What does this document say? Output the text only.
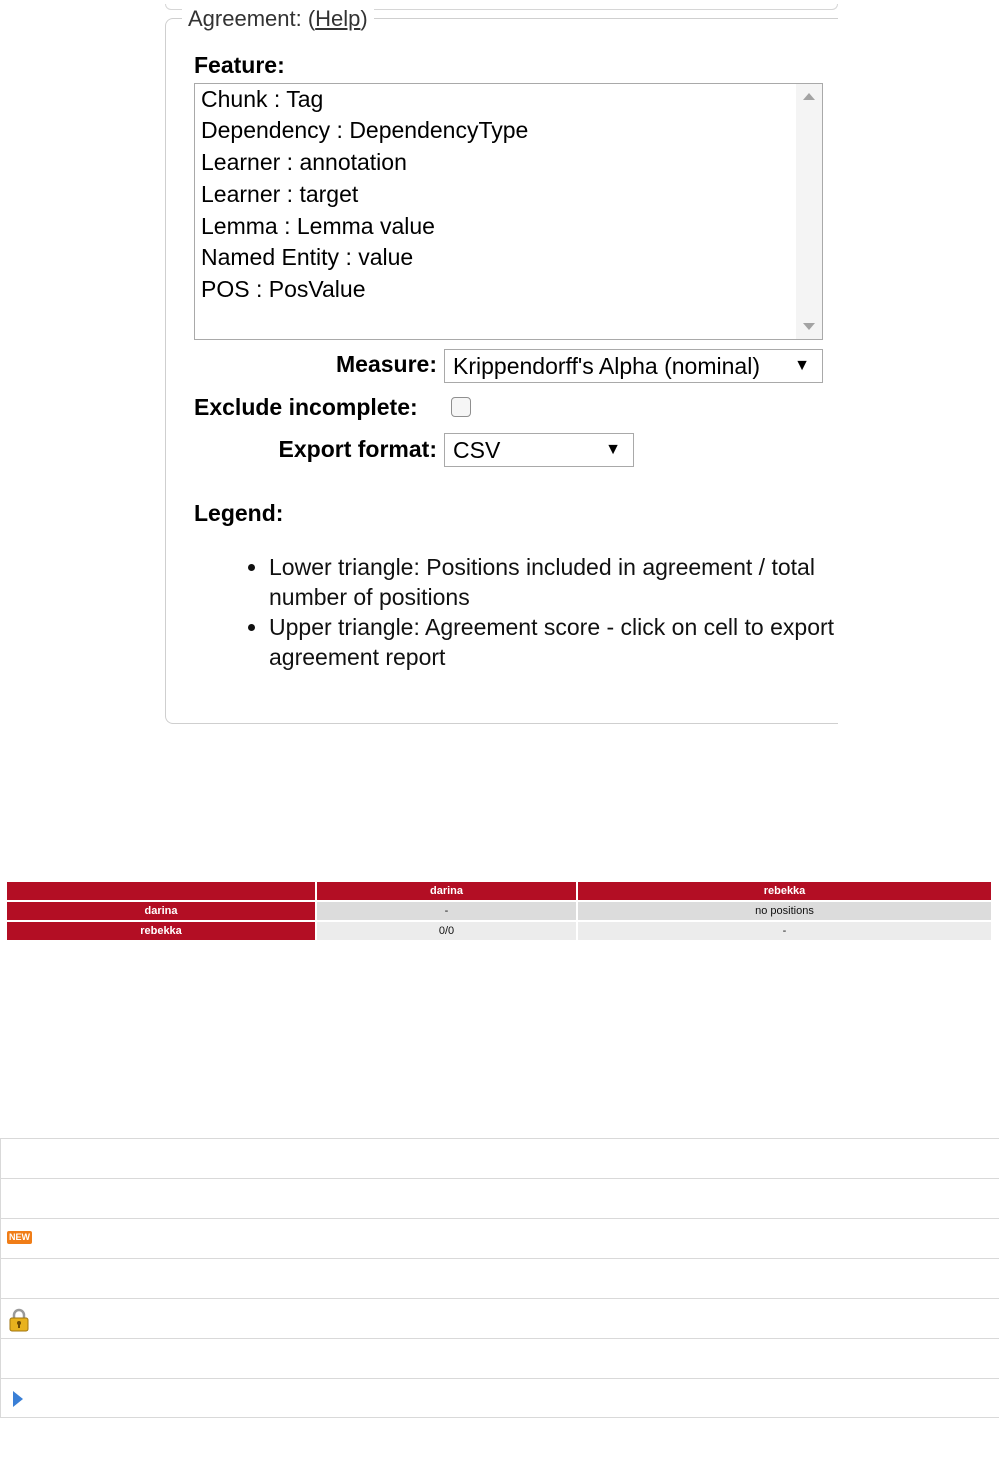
Agreement: (Help)
Feature:
Chunk : Tag
Dependency : DependencyType
Learner : annotation
Learner : target
Lemma : Lemma value
Named Entity : value
POS : PosValue
Measure: Krippendorff's Alpha (nominal) ▼
Exclude incomplete:
Export format: CSV	▼
Legend:
• Lower triangle: Positions included in agreement / total number of positions
• Upper triangle: Agreement score - click on cell to export agreement report
	darina	rebekka
darina	-	no positions
rebekka	0/0	-
NEW
